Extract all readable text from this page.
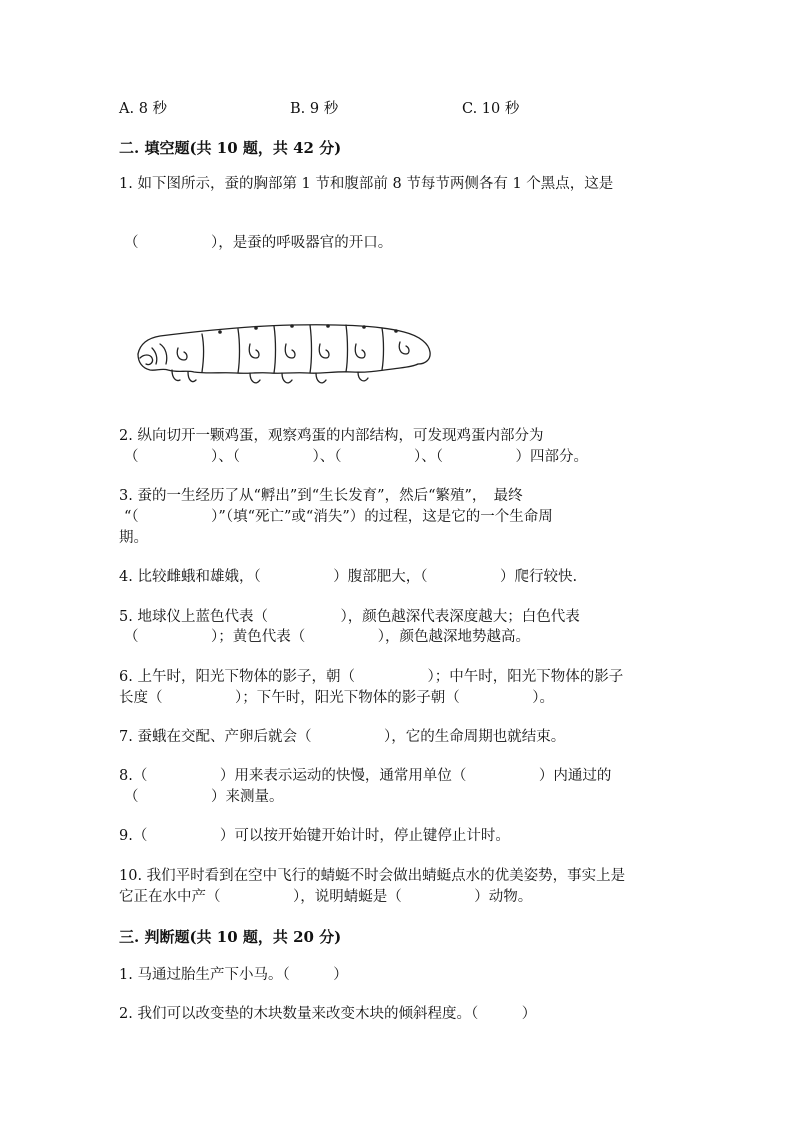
A. 8 秒	B. 9 秒	C. 10 秒
二. 填空题(共 10 题，共 42 分)
1. 如下图所示，蚕的胸部第 1 节和腹部前 8 节每节两侧各有 1 个黑点，这是
（　　　　　），是蚕的呼吸器官的开口。
2. 纵向切开一颗鸡蛋，观察鸡蛋的内部结构，可发现鸡蛋内部分为
（　　　　　）、（　　　　　）、（　　　　　）、（　　　　　）四部分。
3. 蚕的一生经历了从“孵出”到“生长发育”，然后“繁殖”，　最终
“（　　　　　）”（填“死亡”或“消失”）的过程，这是它的一个生命周
期。
4. 比较雌蛾和雄娥，（　　　　　）腹部肥大，（　　　　　）爬行较快.
5. 地球仪上蓝色代表（　　　　　），颜色越深代表深度越大；白色代表
（　　　　　）；黄色代表（　　　　　），颜色越深地势越高。
6. 上午时，阳光下物体的影子，朝（　　　　　）；中午时，阳光下物体的影子
长度（　　　　　）；下午时，阳光下物体的影子朝（　　　　　）。
7. 蚕蛾在交配、产卵后就会（　　　　　），它的生命周期也就结束。
8.（　　　　　）用来表示运动的快慢，通常用单位（　　　　　）内通过的
（　　　　　）来测量。
9.（　　　　　）可以按开始键开始计时，停止键停止计时。
10. 我们平时看到在空中飞行的蜻蜓不时会做出蜻蜓点水的优美姿势，事实上是
它正在水中产（　　　　　），说明蜻蜓是（　　　　　）动物。
三. 判断题(共 10 题，共 20 分)
1. 马通过胎生产下小马。（　　　）
2. 我们可以改变垫的木块数量来改变木块的倾斜程度。（　　　）
